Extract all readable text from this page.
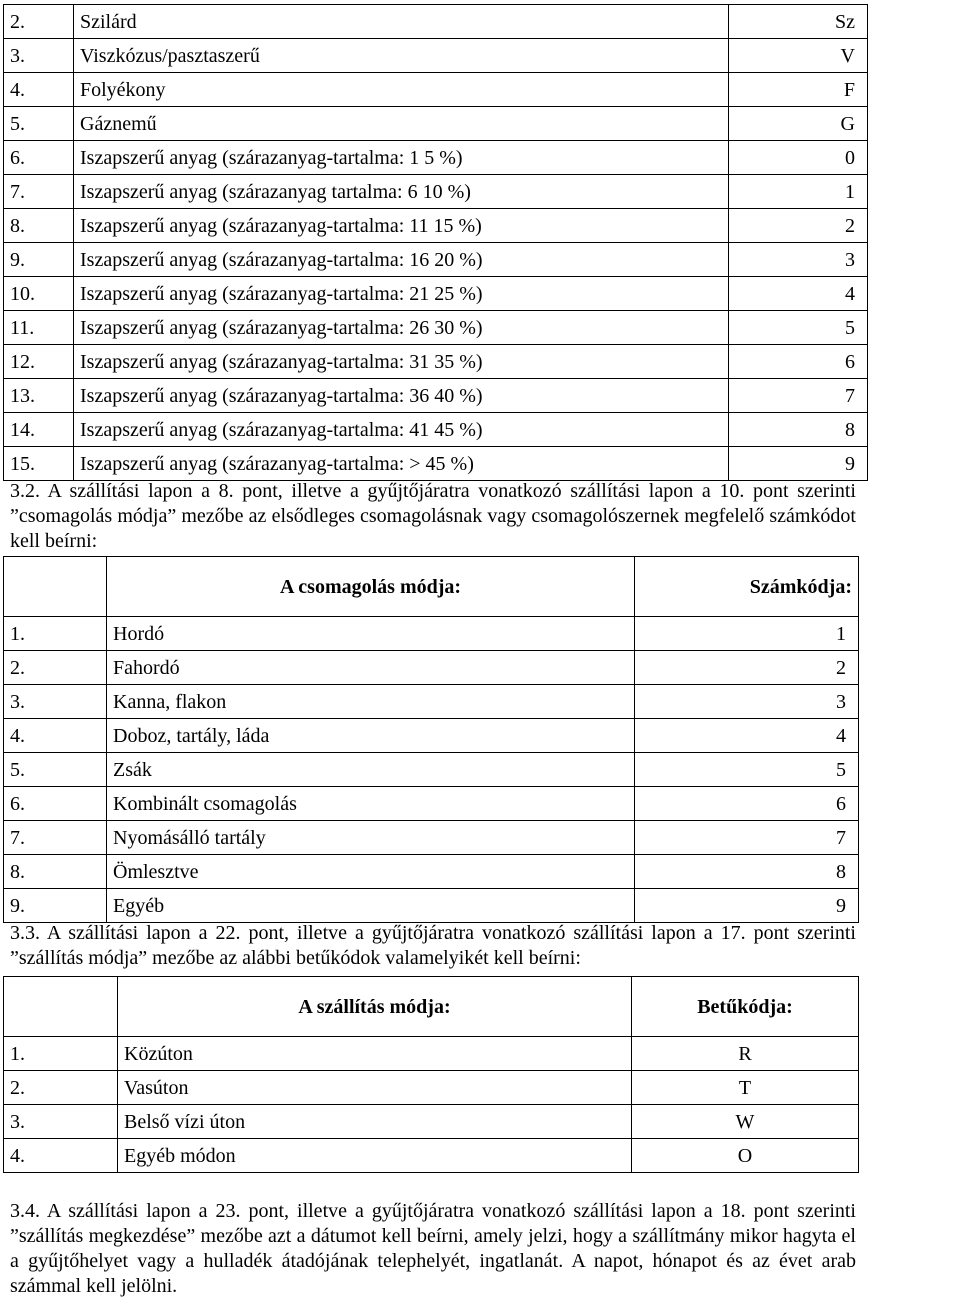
2.	Szilárd	Sz
3.	Viszkózus/pasztaszerű	V
4.	Folyékony	F
5.	Gáznemű	G
6.	Iszapszerű anyag (szárazanyag-tartalma: 1 5 %)	0
7.	Iszapszerű anyag (szárazanyag tartalma: 6 10 %)	1
8.	Iszapszerű anyag (szárazanyag-tartalma: 11 15 %)	2
9.	Iszapszerű anyag (szárazanyag-tartalma: 16 20 %)	3
10.	Iszapszerű anyag (szárazanyag-tartalma: 21 25 %)	4
11.	Iszapszerű anyag (szárazanyag-tartalma: 26 30 %)	5
12.	Iszapszerű anyag (szárazanyag-tartalma: 31 35 %)	6
13.	Iszapszerű anyag (szárazanyag-tartalma: 36 40 %)	7
14.	Iszapszerű anyag (szárazanyag-tartalma: 41 45 %)	8
15.	Iszapszerű anyag (szárazanyag-tartalma: > 45 %)	9
3.2. A szállítási lapon a 8. pont, illetve a gyűjtőjáratra vonatkozó szállítási lapon a 10. pont szerinti ”csomagolás módja” mezőbe az elsődleges csomagolásnak vagy csomagolószernek megfelelő számkódot kell beírni:
	A csomagolás módja:	Számkódja:
1.	Hordó	1
2.	Fahordó	2
3.	Kanna, flakon	3
4.	Doboz, tartály, láda	4
5.	Zsák	5
6.	Kombinált csomagolás	6
7.	Nyomásálló tartály	7
8.	Ömlesztve	8
9.	Egyéb	9
3.3. A szállítási lapon a 22. pont, illetve a gyűjtőjáratra vonatkozó szállítási lapon a 17. pont szerinti ”szállítás módja” mezőbe az alábbi betűkódok valamelyikét kell beírni:
	A szállítás módja:	Betűkódja:
1.	Közúton	R
2.	Vasúton	T
3.	Belső vízi úton	W
4.	Egyéb módon	O
3.4. A szállítási lapon a 23. pont, illetve a gyűjtőjáratra vonatkozó szállítási lapon a 18. pont szerinti ”szállítás megkezdése” mezőbe azt a dátumot kell beírni, amely jelzi, hogy a szállítmány mikor hagyta el a gyűjtőhelyet vagy a hulladék átadójának telephelyét, ingatlanát. A napot, hónapot és az évet arab számmal kell jelölni.
